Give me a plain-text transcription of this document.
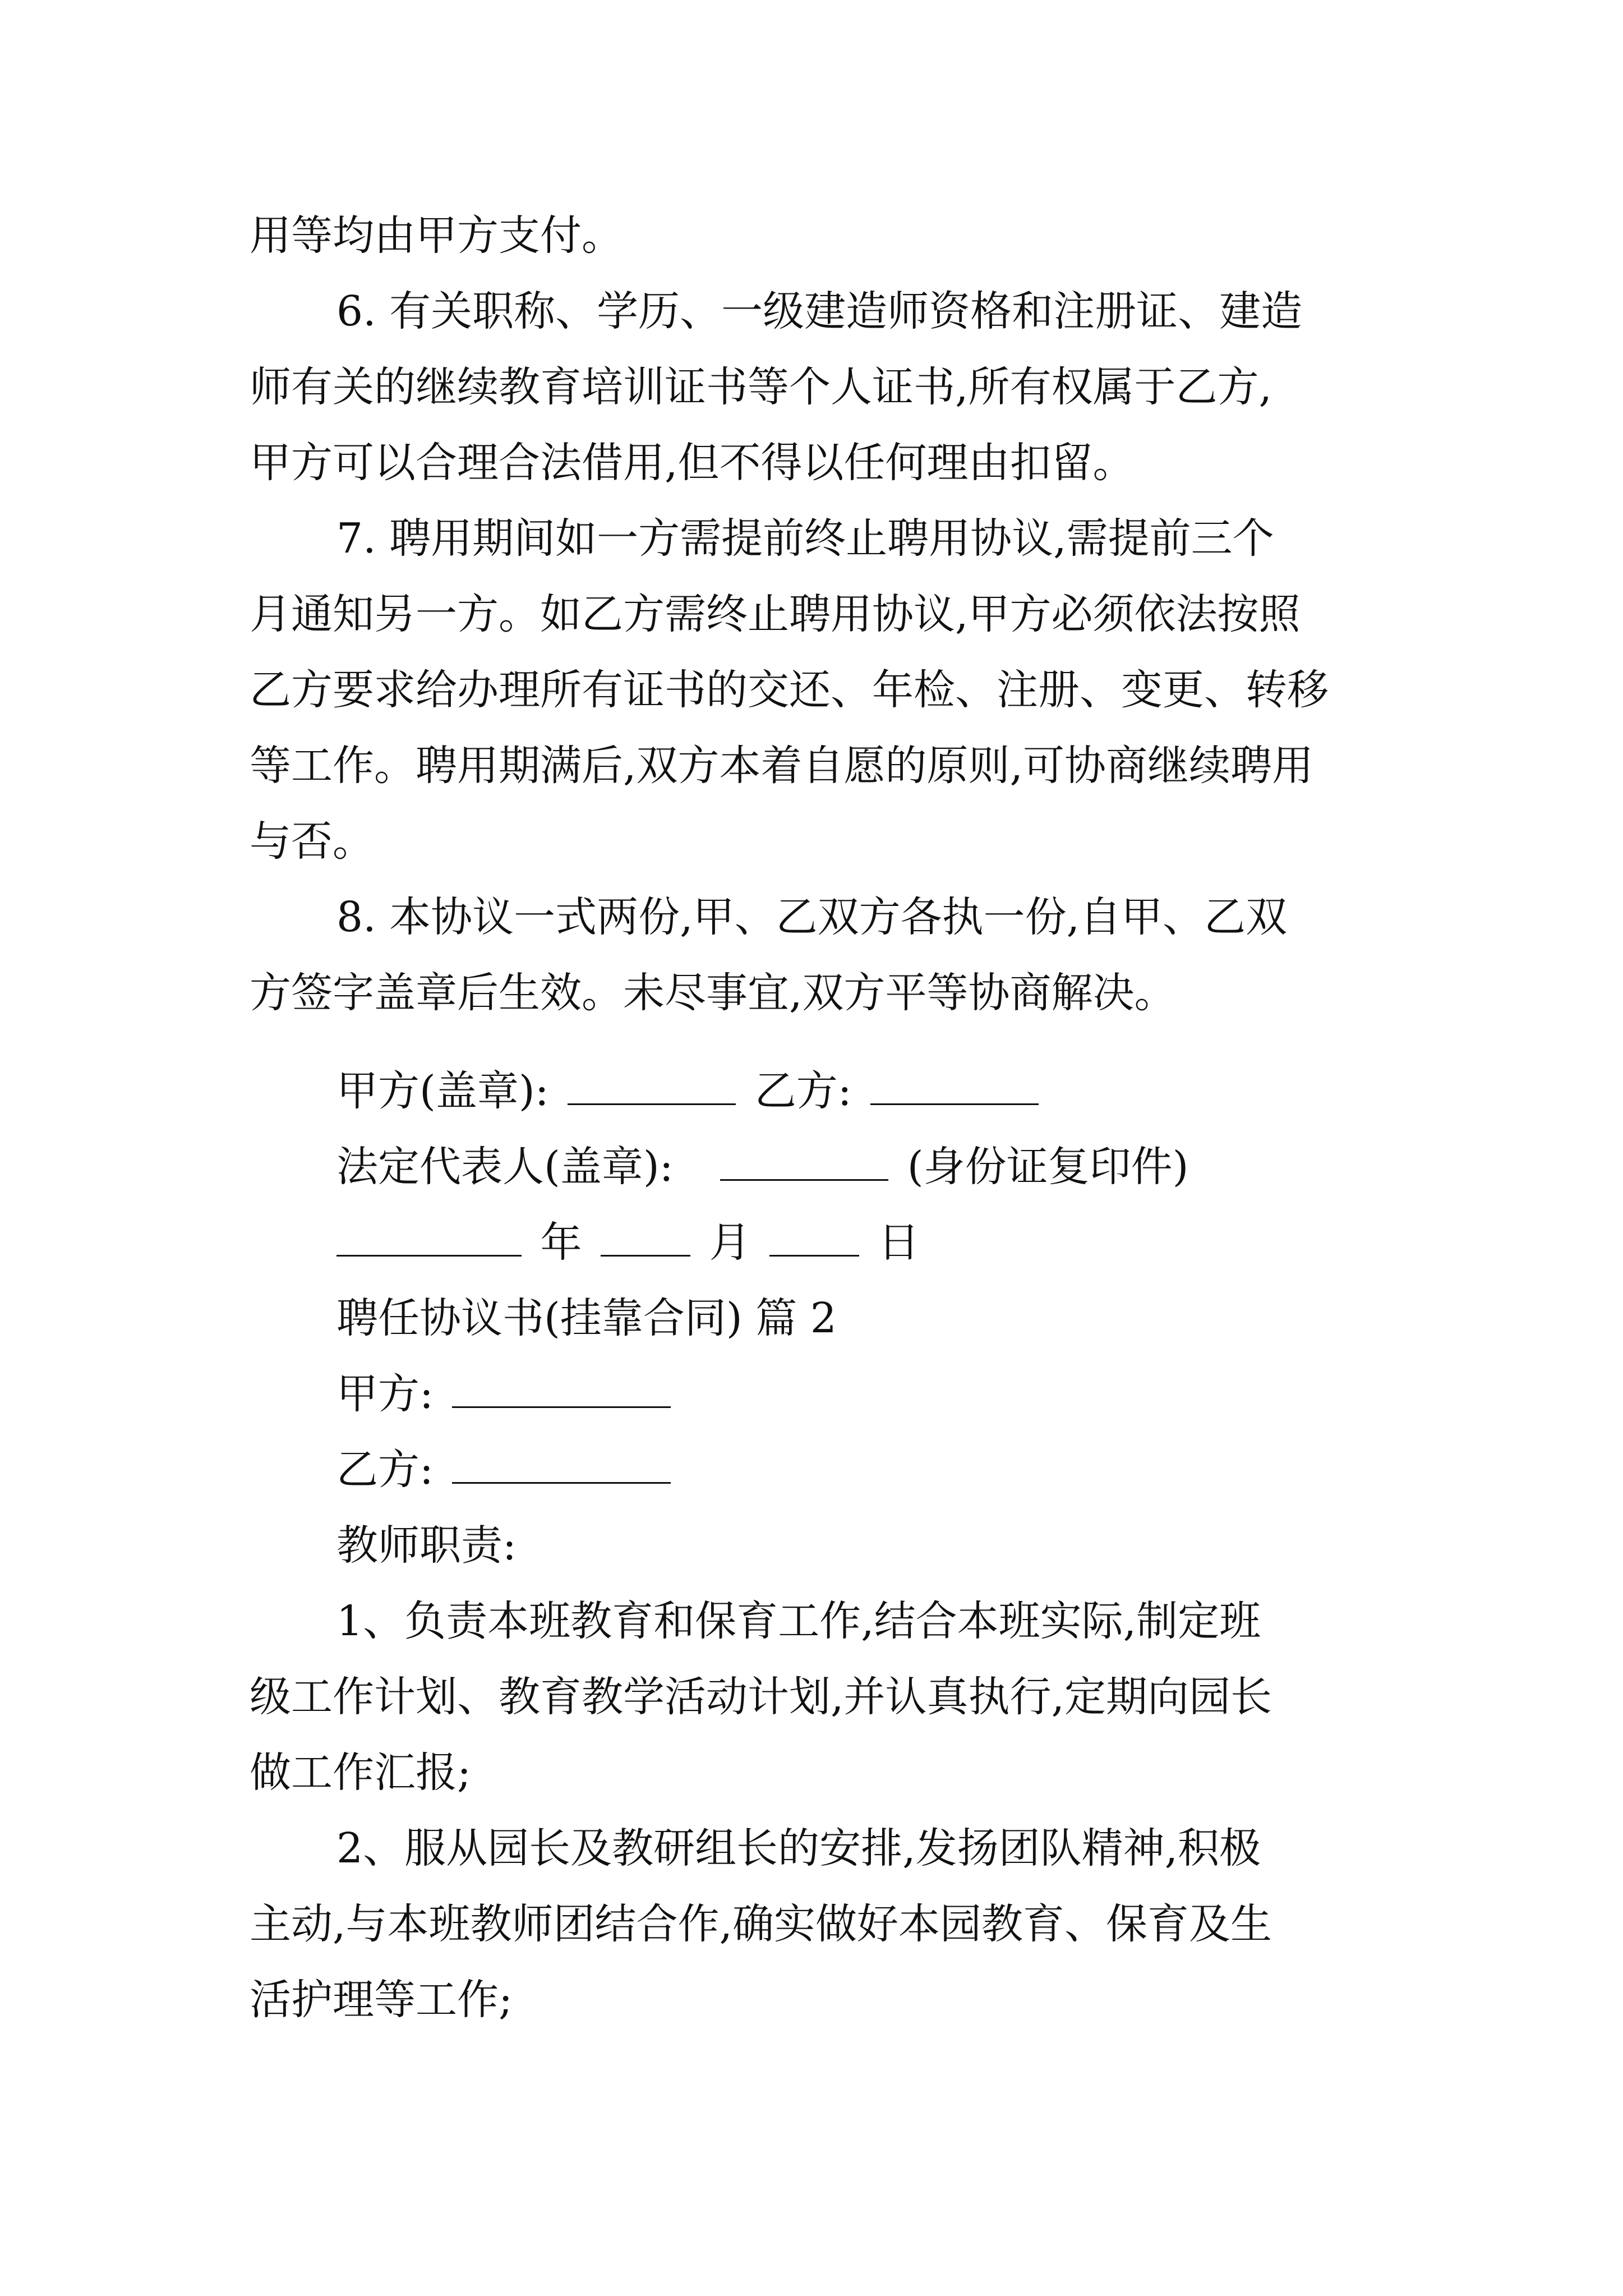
用等均由甲方支付。
6. 有关职称、学历、一级建造师资格和注册证、建造
师有关的继续教育培训证书等个人证书,所有权属于乙方,
甲方可以合理合法借用,但不得以任何理由扣留。
7. 聘用期间如一方需提前终止聘用协议,需提前三个
月通知另一方。如乙方需终止聘用协议,甲方必须依法按照
乙方要求给办理所有证书的交还、年检、注册、变更、转移
等工作。聘用期满后,双方本着自愿的原则,可协商继续聘用
与否。
8. 本协议一式两份,甲、乙双方各执一份,自甲、乙双
方签字盖章后生效。未尽事宜,双方平等协商解决。
甲方(盖章):	乙方:
法定代表人(盖章):	(身份证复印件)
年	月	日
聘任协议书(挂靠合同) 篇 2
甲方:
乙方:
教师职责:
1、负责本班教育和保育工作,结合本班实际,制定班
级工作计划、教育教学活动计划,并认真执行,定期向园长
做工作汇报;
2、服从园长及教研组长的安排,发扬团队精神,积极
主动,与本班教师团结合作,确实做好本园教育、保育及生
活护理等工作;
